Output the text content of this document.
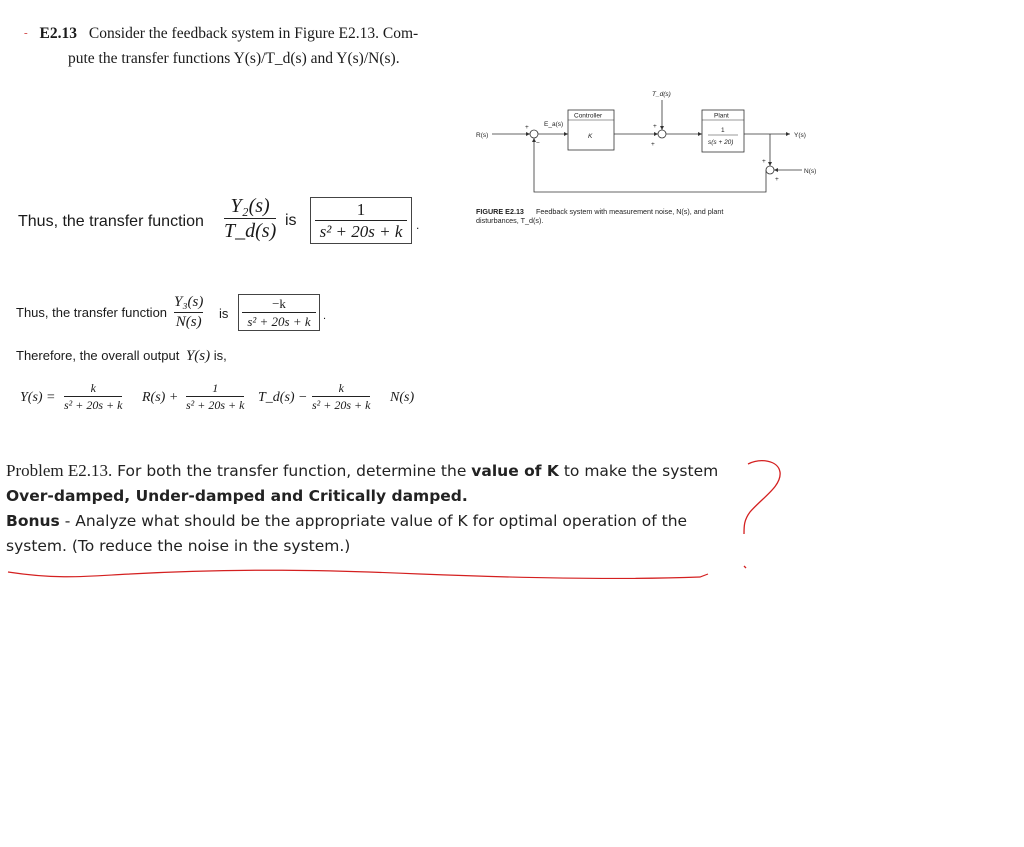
- E2.13 Consider the feedback system in Figure E2.13. Com-
pute the transfer functions Y(s)/T_d(s) and Y(s)/N(s).
Thus, the transfer function
Y₂(s)
T_d(s) is
1
s² + 20s + k .
Thus, the transfer function
Y₃(s)
N(s)
is
−k
s² + 20s + k .
Therefore, the overall output Y(s) is,
Y(s) =
k
s² + 20s + k R(s) +
1
s² + 20s + k T_d(s) −
k
s² + 20s + k N(s)
R(s)
+
−
E_a(s)
Controller
K
T_d(s)
+
+
Plant
1
s(s + 20)
Y(s)
+
+
N(s)
FIGURE E2.13 Feedback system with measurement noise, N(s), and plant
disturbances, T_d(s).
Problem E2.13. For both the transfer function, determine the value of K to make the system Over-damped, Under-damped and Critically damped.
Bonus - Analyze what should be the appropriate value of K for optimal operation of the system. (To reduce the noise in the system.)
